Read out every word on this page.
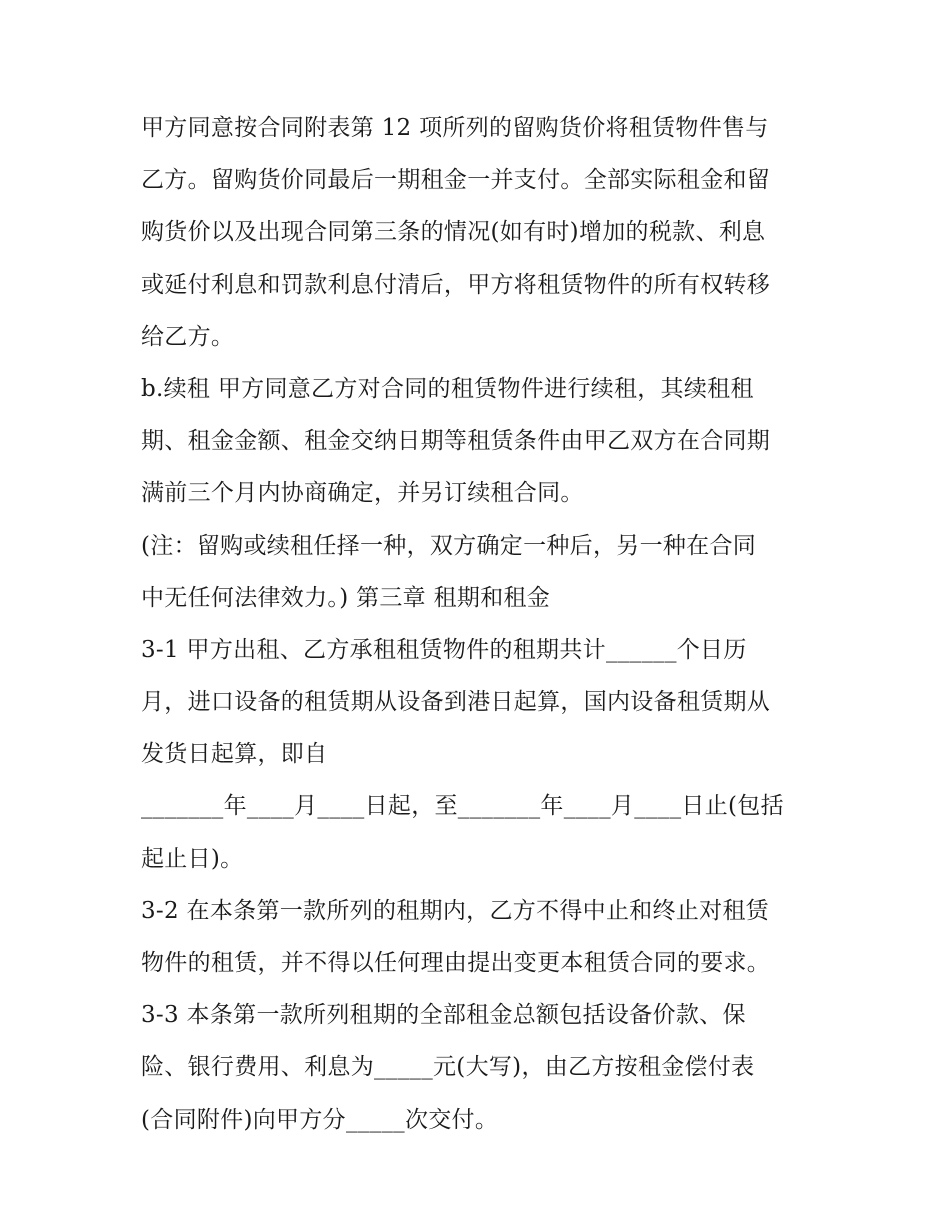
甲方同意按合同附表第 12 项所列的留购货价将租赁物件售与
乙方。留购货价同最后一期租金一并支付。全部实际租金和留
购货价以及出现合同第三条的情况(如有时)增加的税款、利息
或延付利息和罚款利息付清后，甲方将租赁物件的所有权转移
给乙方。
b.续租 甲方同意乙方对合同的租赁物件进行续租，其续租租
期、租金金额、租金交纳日期等租赁条件由甲乙双方在合同期
满前三个月内协商确定，并另订续租合同。
(注：留购或续租任择一种，双方确定一种后，另一种在合同
中无任何法律效力。) 第三章 租期和租金
3-1 甲方出租、乙方承租租赁物件的租期共计______个日历
月，进口设备的租赁期从设备到港日起算，国内设备租赁期从
发货日起算，即自
_______年____月____日起，至_______年____月____日止(包括
起止日)。
3-2 在本条第一款所列的租期内，乙方不得中止和终止对租赁
物件的租赁，并不得以任何理由提出变更本租赁合同的要求。
3-3 本条第一款所列租期的全部租金总额包括设备价款、保
险、银行费用、利息为_____元(大写)，由乙方按租金偿付表
(合同附件)向甲方分_____次交付。
